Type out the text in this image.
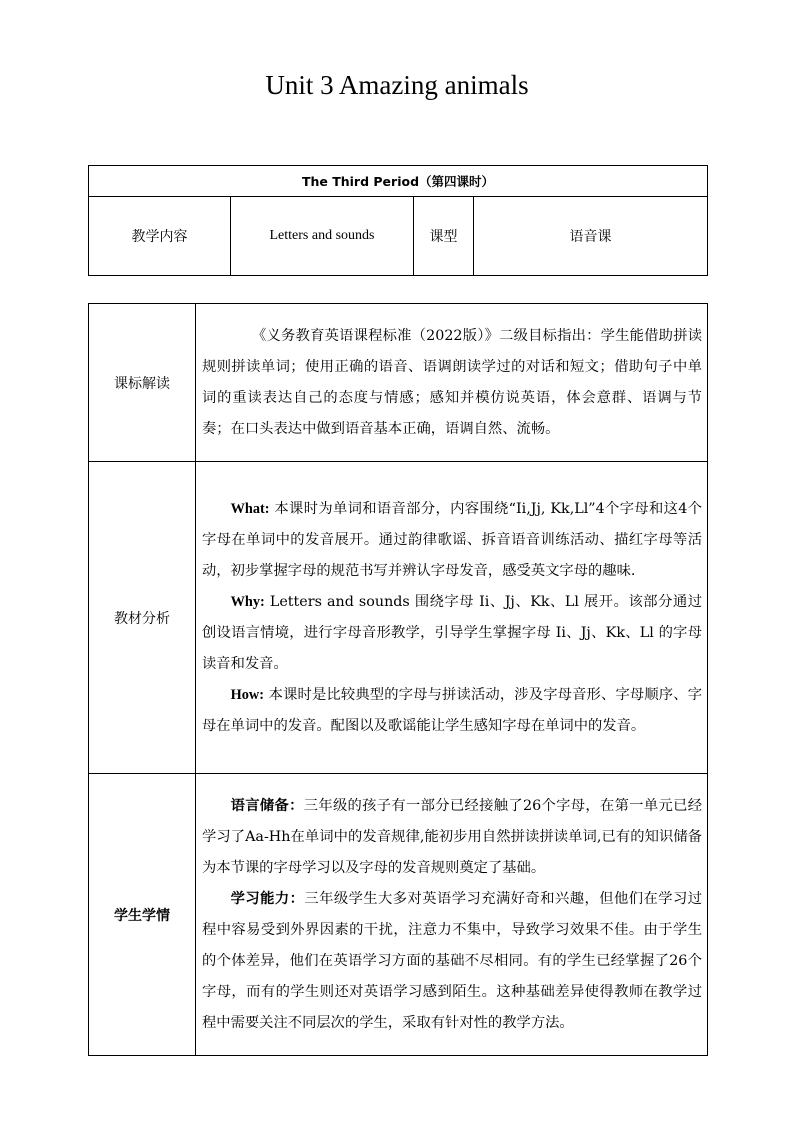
Unit 3 Amazing animals
The Third Period（第四课时）
教学内容	Letters and sounds	课型	语音课
课标解读	《义务教育英语课程标准（2022版）》二级目标指出：学生能借助拼读规则拼读单词；使用正确的语音、语调朗读学过的对话和短文；借助句子中单词的重读表达自己的态度与情感；感知并模仿说英语，体会意群、语调与节奏；在口头表达中做到语音基本正确，语调自然、流畅。

教材分析	What: 本课时为单词和语音部分，内容围绕“Ii,Jj, Kk,Ll”4个字母和这4个字母在单词中的发音展开。通过韵律歌谣、拆音语音训练活动、描红字母等活动，初步掌握字母的规范书写并辨认字母发音，感受英文字母的趣味.

Why: Letters and sounds 围绕字母 Ii、Jj、Kk、Ll 展开。该部分通过创设语言情境，进行字母音形教学，引导学生掌握字母 Ii、Jj、Kk、Ll 的字母读音和发音。

How: 本课时是比较典型的字母与拼读活动，涉及字母音形、字母顺序、字母在单词中的发音。配图以及歌谣能让学生感知字母在单词中的发音。

学生学情	语言储备：三年级的孩子有一部分已经接触了26个字母，在第一单元已经学习了Aa-Hh在单词中的发音规律,能初步用自然拼读拼读单词,已有的知识储备为本节课的字母学习以及字母的发音规则奠定了基础。

学习能力：三年级学生大多对英语学习充满好奇和兴趣，但他们在学习过程中容易受到外界因素的干扰，注意力不集中，导致学习效果不佳。由于学生的个体差异，他们在英语学习方面的基础不尽相同。有的学生已经掌握了26个字母，而有的学生则还对英语学习感到陌生。这种基础差异使得教师在教学过程中需要关注不同层次的学生，采取有针对性的教学方法。
